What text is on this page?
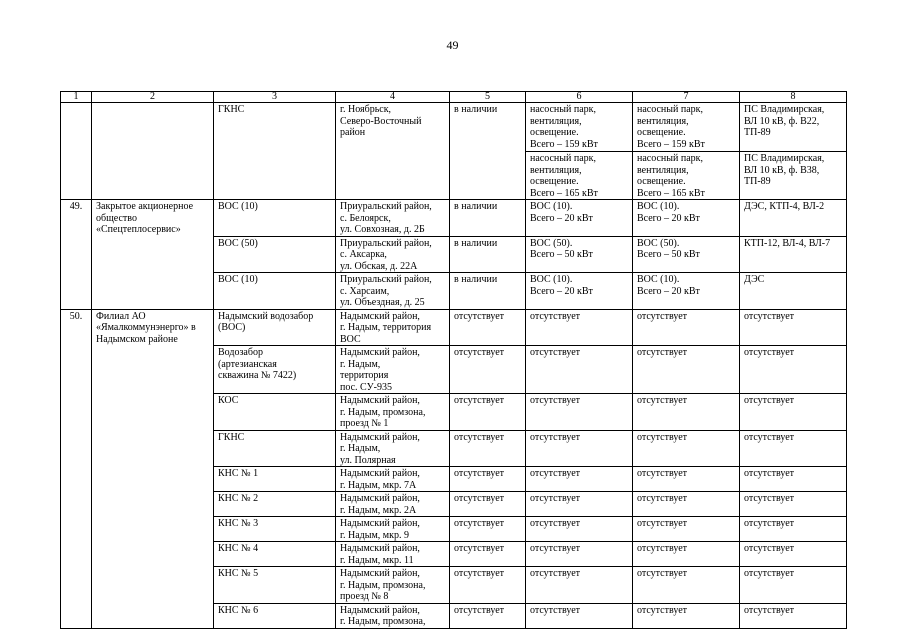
49
1	2	3	4	5	6	7	8

		ГКНС	г. Ноябрьск,
Северо-Восточный
район	в наличии	насосный парк,
вентиляция,
освещение.
Всего – 159 кВт	насосный парк,
вентиляция,
освещение.
Всего – 159 кВт	ПС Владимирская,
ВЛ 10 кВ, ф. В22,
ТП-89

					насосный парк,
вентиляция,
освещение.
Всего – 165 кВт	насосный парк,
вентиляция,
освещение.
Всего – 165 кВт	ПС Владимирская,
ВЛ 10 кВ, ф. В38,
ТП-89

49.	Закрытое акционерное
общество
«Спецтеплосервис»	ВОС (10)	Приуральский район,
с. Белоярск,
ул. Совхозная, д. 2Б	в наличии	ВОС (10).
Всего – 20 кВт	ВОС (10).
Всего – 20 кВт	ДЭС, КТП-4, ВЛ-2

		ВОС (50)	Приуральский район,
с. Аксарка,
ул. Обская, д. 22А	в наличии	ВОС (50).
Всего – 50 кВт	ВОС (50).
Всего – 50 кВт	КТП-12, ВЛ-4, ВЛ-7

		ВОС (10)	Приуральский район,
с. Харсаим,
ул. Объездная, д. 25	в наличии	ВОС (10).
Всего – 20 кВт	ВОС (10).
Всего – 20 кВт	ДЭС

50.	Филиал АО
«Ямалкоммунэнерго» в
Надымском районе	Надымский водозабор
(ВОС)	Надымский район,
г. Надым, территория
ВОС	отсутствует	отсутствует	отсутствует	отсутствует

		Водозабор
(артезианская
скважина № 7422)	Надымский район,
г. Надым,
территория
пос. СУ-935	отсутствует	отсутствует	отсутствует	отсутствует

		КОС	Надымский район,
г. Надым, промзона,
проезд № 1	отсутствует	отсутствует	отсутствует	отсутствует

		ГКНС	Надымский район,
г. Надым,
ул. Полярная	отсутствует	отсутствует	отсутствует	отсутствует

		КНС № 1	Надымский район,
г. Надым, мкр. 7А	отсутствует	отсутствует	отсутствует	отсутствует

		КНС № 2	Надымский район,
г. Надым, мкр. 2А	отсутствует	отсутствует	отсутствует	отсутствует

		КНС № 3	Надымский район,
г. Надым, мкр. 9	отсутствует	отсутствует	отсутствует	отсутствует

		КНС № 4	Надымский район,
г. Надым, мкр. 11	отсутствует	отсутствует	отсутствует	отсутствует

		КНС № 5	Надымский район,
г. Надым, промзона,
проезд № 8	отсутствует	отсутствует	отсутствует	отсутствует

		КНС № 6	Надымский район,
г. Надым, промзона,	отсутствует	отсутствует	отсутствует	отсутствует
